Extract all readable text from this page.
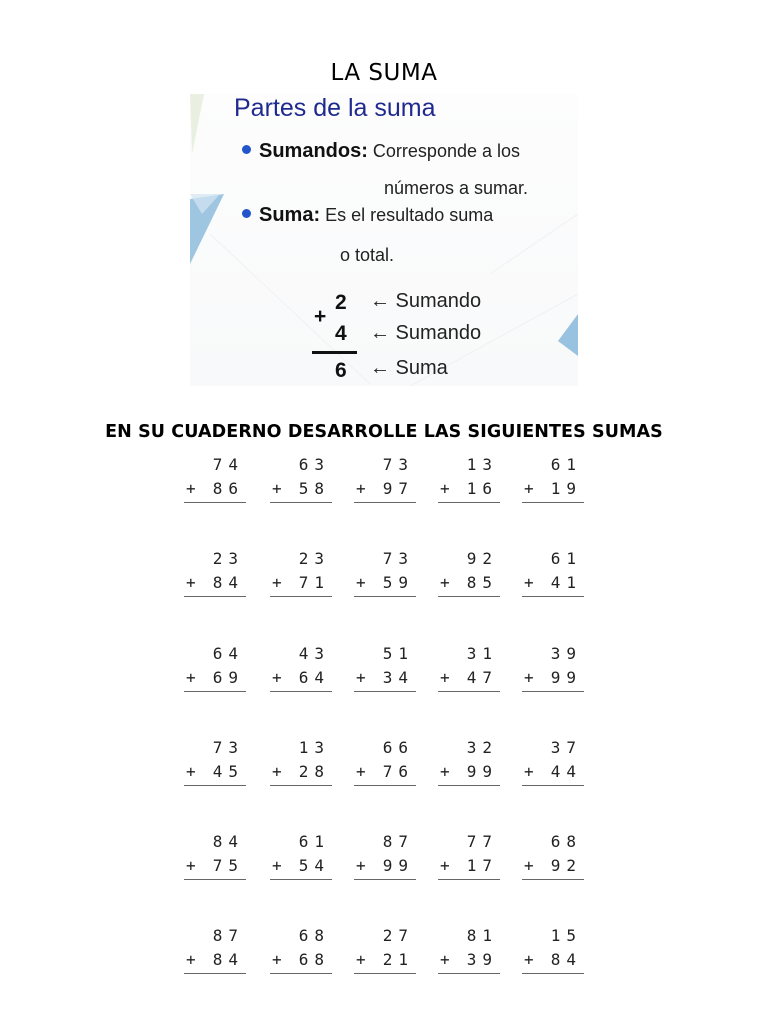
LA SUMA
Partes de la suma
Sumandos: Corresponde a los
números a sumar.
Suma: Es el resultado suma
o total.
2
+
4
6
← Sumando
← Sumando
← Suma
EN SU CUADERNO DESARROLLE LAS SIGUIENTES SUMAS
74
+ 86
63
+ 58
73
+ 97
13
+ 16
61
+ 19
23
+ 84
23
+ 71
73
+ 59
92
+ 85
61
+ 41
64
+ 69
43
+ 64
51
+ 34
31
+ 47
39
+ 99
73
+ 45
13
+ 28
66
+ 76
32
+ 99
37
+ 44
84
+ 75
61
+ 54
87
+ 99
77
+ 17
68
+ 92
87
+ 84
68
+ 68
27
+ 21
81
+ 39
15
+ 84
